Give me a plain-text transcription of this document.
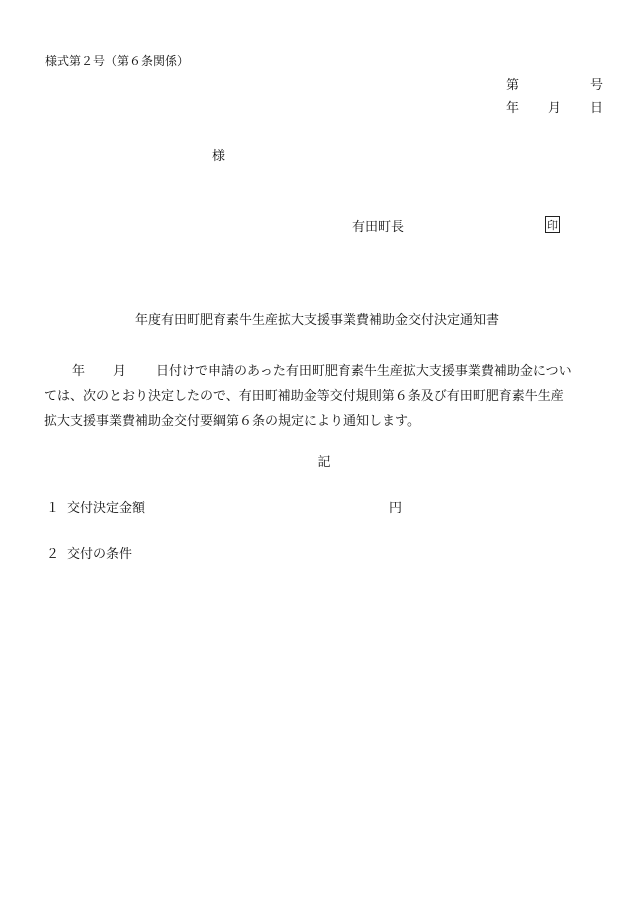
様式第２号（第６条関係）
第	号
年 月 日
様
有田町長	印
年度有田町肥育素牛生産拡大支援事業費補助金交付決定通知書
年 月 日付けで申請のあった有田町肥育素牛生産拡大支援事業費補助金につい
ては、次のとおり決定したので、有田町補助金等交付規則第６条及び有田町肥育素牛生産
拡大支援事業費補助金交付要綱第６条の規定により通知します。
記
１ 交付決定金額	円
２ 交付の条件
